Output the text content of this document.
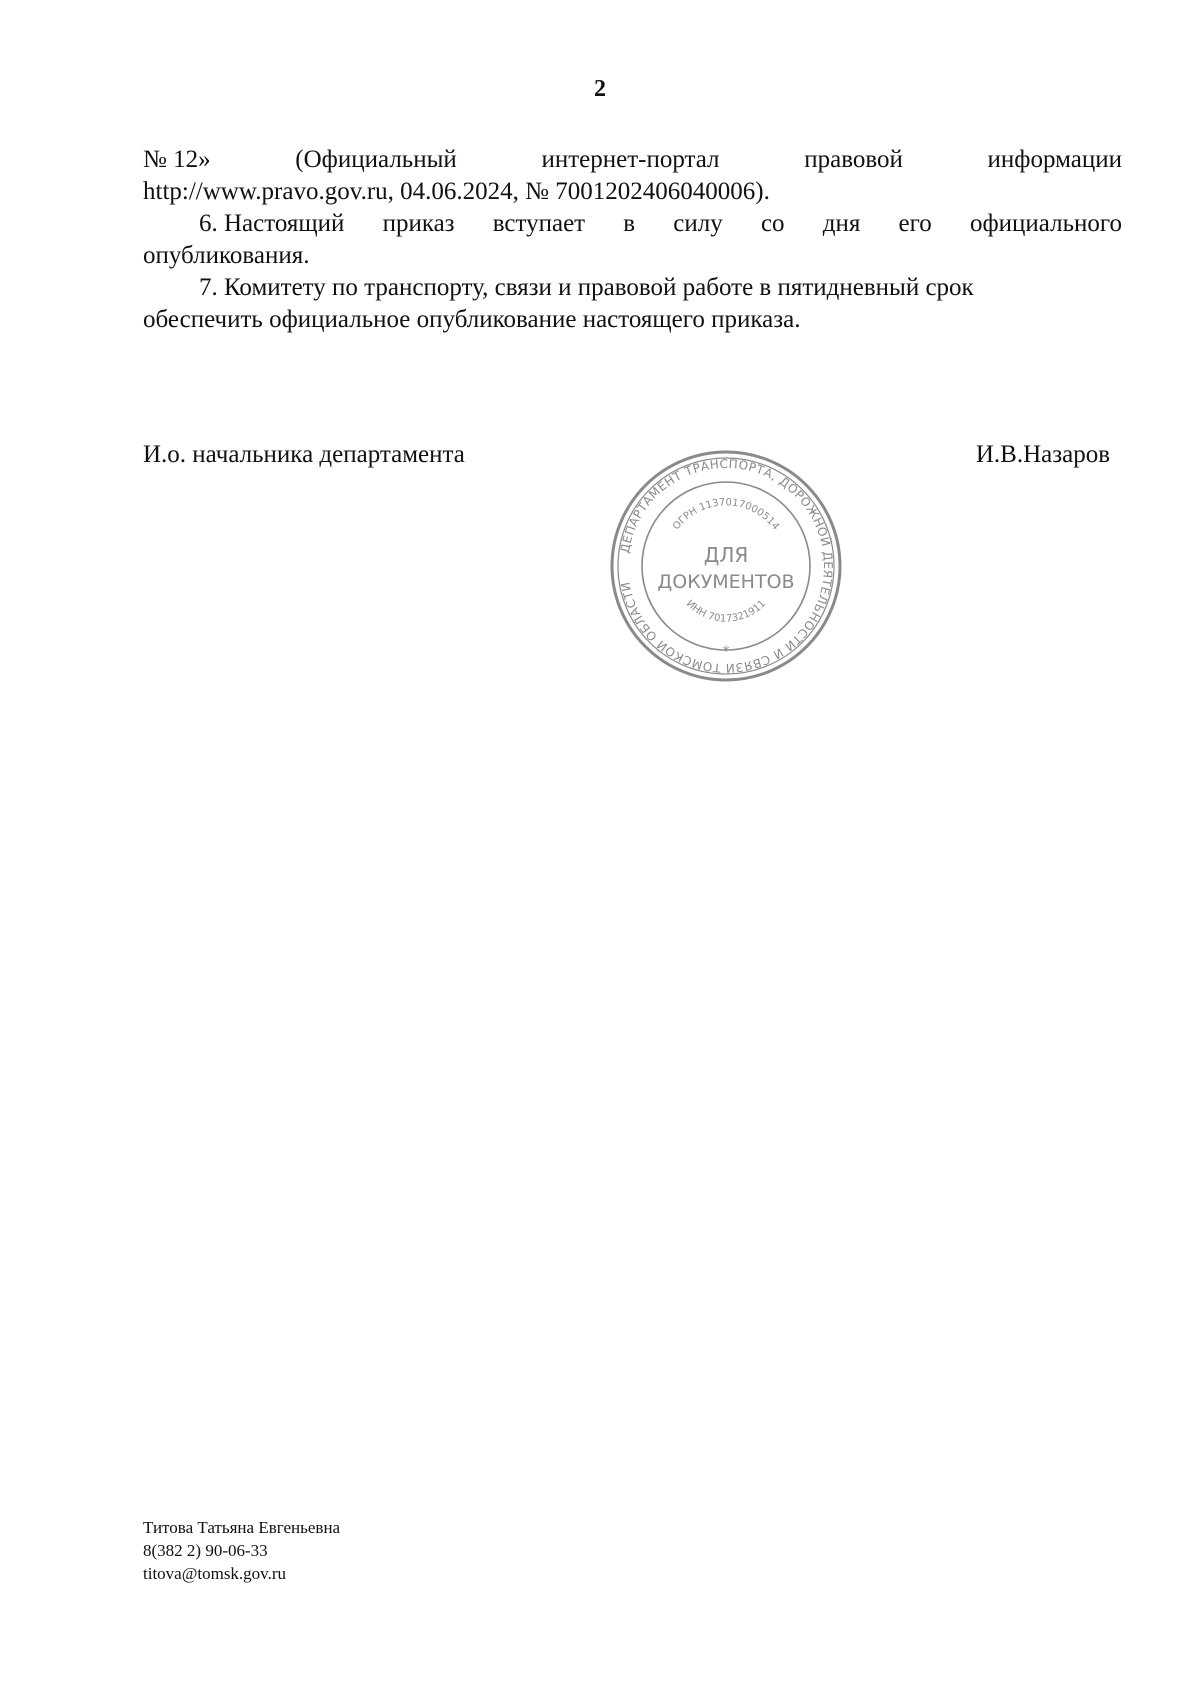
2
№ 12»	(Официальный	интернет-портал	правовой	информации
http://www.pravo.gov.ru, 04.06.2024, № 7001202406040006).
6. Настоящий приказ вступает в силу со дня его официального
опубликования.
7. Комитету по транспорту, связи и правовой работе в пятидневный срок
обеспечить официальное опубликование настоящего приказа.
И.о. начальника департамента	И.В.Назаров
ДЕПАРТАМЕНТ ТРАНСПОРТА, ДОРОЖНОЙ ДЕЯТЕЛЬНОСТИ И СВЯЗИ ТОМСКОЙ ОБЛАСТИ
ОГРН 1137017000514
ИНН 7017321911
ДЛЯ
ДОКУМЕНТОВ
*
Титова Татьяна Евгеньевна
8(382 2) 90-06-33
titova@tomsk.gov.ru
